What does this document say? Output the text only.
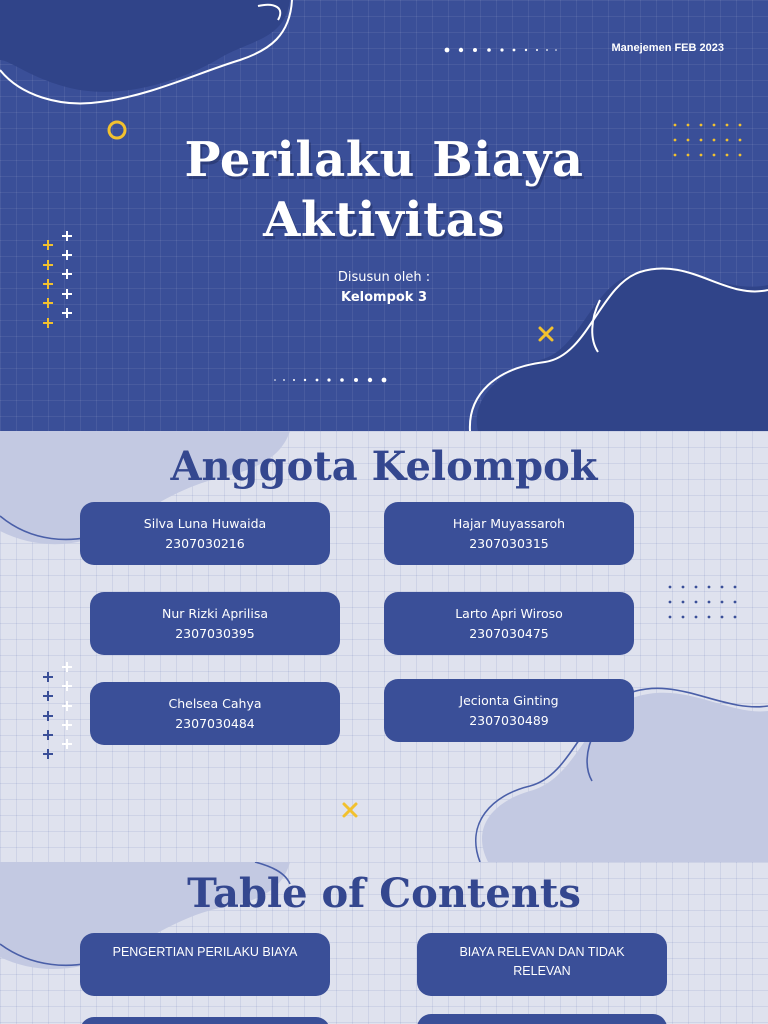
Manejemen FEB 2023
Perilaku Biaya
Aktivitas
Disusun oleh :
Kelompok 3
Anggota Kelompok
Silva Luna Huwaida
2307030216
Hajar Muyassaroh
2307030315
Nur Rizki Aprilisa
2307030395
Larto Apri Wiroso
2307030475
Chelsea Cahya
2307030484
Jecionta Ginting
2307030489
Table of Contents
PENGERTIAN PERILAKU BIAYA	BIAYA RELEVAN DAN TIDAK RELEVAN
